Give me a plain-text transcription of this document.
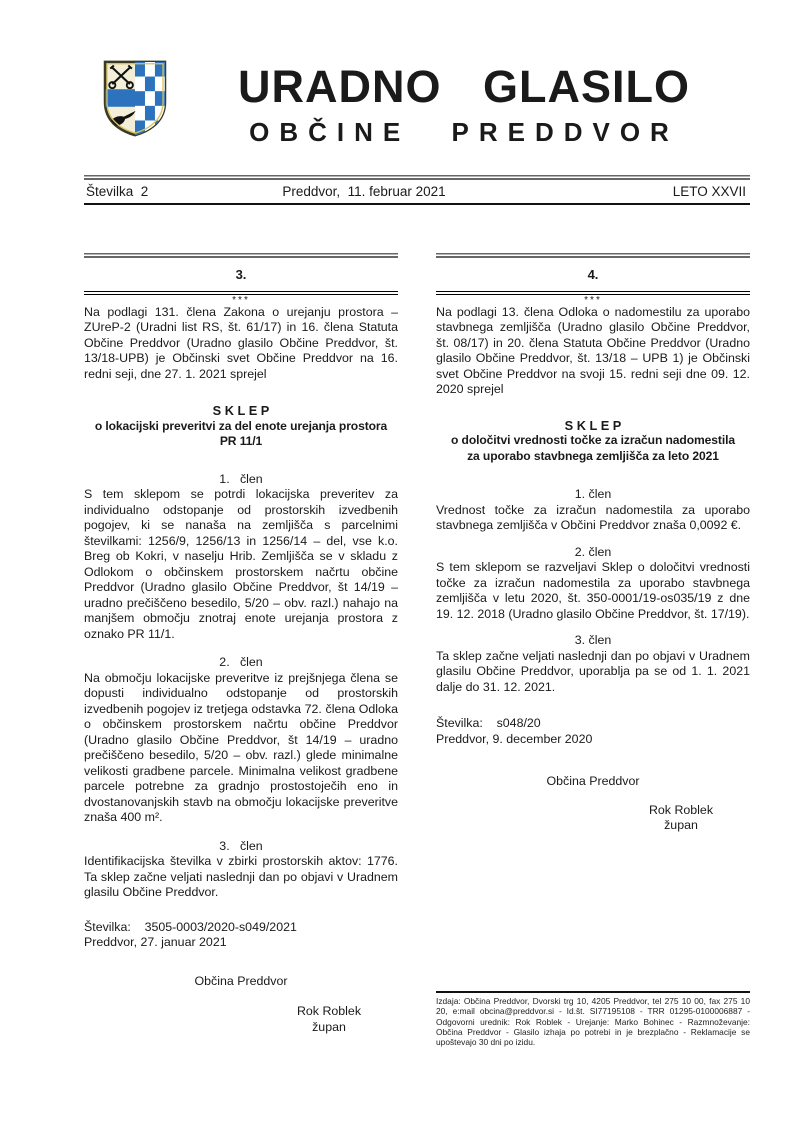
URADNO GLASILO
OBČINE PREDDVOR
Številka  2	Preddvor,  11. februar 2021	LETO XXVII
3.
***

Na podlagi 131. člena Zakona o urejanju prostora – ZUreP-2 (Uradni list RS, št. 61/17) in 16. člena Statuta Občine Preddvor (Uradno glasilo Občine Preddvor, št. 13/18-UPB) je Občinski svet Občine Preddvor na 16. redni seji, dne 27. 1. 2021 sprejel

S K L E P
o lokacijski preveritvi za del enote urejanja prostora
PR 11/1
1.   člen

S tem sklepom se potrdi lokacijska preveritev za individualno odstopanje od prostorskih izvedbenih pogojev, ki se nanaša na zemljišča s parcelnimi številkami: 1256/9, 1256/13 in 1256/14 – del, vse k.o. Breg ob Kokri, v naselju Hrib. Zemljišča se v skladu z Odlokom o občinskem prostorskem načrtu občine Preddvor (Uradno glasilo Občine Preddvor, št 14/19 – uradno prečiščeno besedilo, 5/20 – obv. razl.) nahajo na manjšem območju znotraj enote urejanja prostora z oznako PR 11/1.

2.   člen

Na območju lokacijske preveritve iz prejšnjega člena se dopusti individualno odstopanje od prostorskih izvedbenih pogojev iz tretjega odstavka 72. člena Odloka o občinskem prostorskem načrtu občine Preddvor (Uradno glasilo Občine Preddvor, št 14/19 – uradno prečiščeno besedilo, 5/20 – obv. razl.) glede minimalne velikosti gradbene parcele. Minimalna velikost gradbene parcele potrebne za gradnjo prostostoječih eno in dvostanovanjskih stavb na območju lokacijske preveritve znaša 400 m².

3.   člen

Identifikacijska številka v zbirki prostorskih aktov: 1776. Ta sklep začne veljati naslednji dan po objavi v Uradnem glasilu Občine Preddvor.

Številka:    3505-0003/2020-s049/2021

Preddvor, 27. januar 2021

Občina Preddvor
Rok Roblek
župan
4.
***

Na podlagi 13. člena Odloka o nadomestilu za uporabo stavbnega zemljišča (Uradno glasilo Občine Preddvor, št. 08/17) in 20. člena Statuta Občine Preddvor (Uradno glasilo Občine Preddvor, št. 13/18 – UPB 1) je Občinski svet Občine Preddvor na svoji 15. redni seji dne 09. 12. 2020 sprejel

S K L E P
o določitvi vrednosti točke za izračun nadomestila
za uporabo stavbnega zemljišča za leto 2021
1. člen

Vrednost točke za izračun nadomestila za uporabo stavbnega zemljišča v Občini Preddvor znaša 0,0092 €.

2. člen

S tem sklepom se razveljavi Sklep o določitvi vrednosti točke za izračun nadomestila za uporabo stavbnega zemljišča v letu 2020, št. 350-0001/19-os035/19 z dne 19. 12. 2018 (Uradno glasilo Občine Preddvor, št. 17/19).

3. člen

Ta sklep začne veljati naslednji dan po objavi v Uradnem glasilu Občine Preddvor, uporablja pa se od 1. 1. 2021 dalje do 31. 12. 2021.

Številka:    s048/20

Preddvor, 9. december 2020

Občina Preddvor
Rok Roblek
župan

Izdaja: Občina Preddvor, Dvorski trg 10, 4205 Preddvor, tel 275 10 00, fax 275 10 20, e:mail obcina@preddvor.si - Id.št. SI77195108 - TRR 01295-0100006887 - Odgovorni urednik: Rok Roblek - Urejanje: Marko Bohinec - Razmnoževanje: Občina Preddvor - Glasilo izhaja po potrebi in je brezplačno - Reklamacije se upoštevajo 30 dni po izidu.
